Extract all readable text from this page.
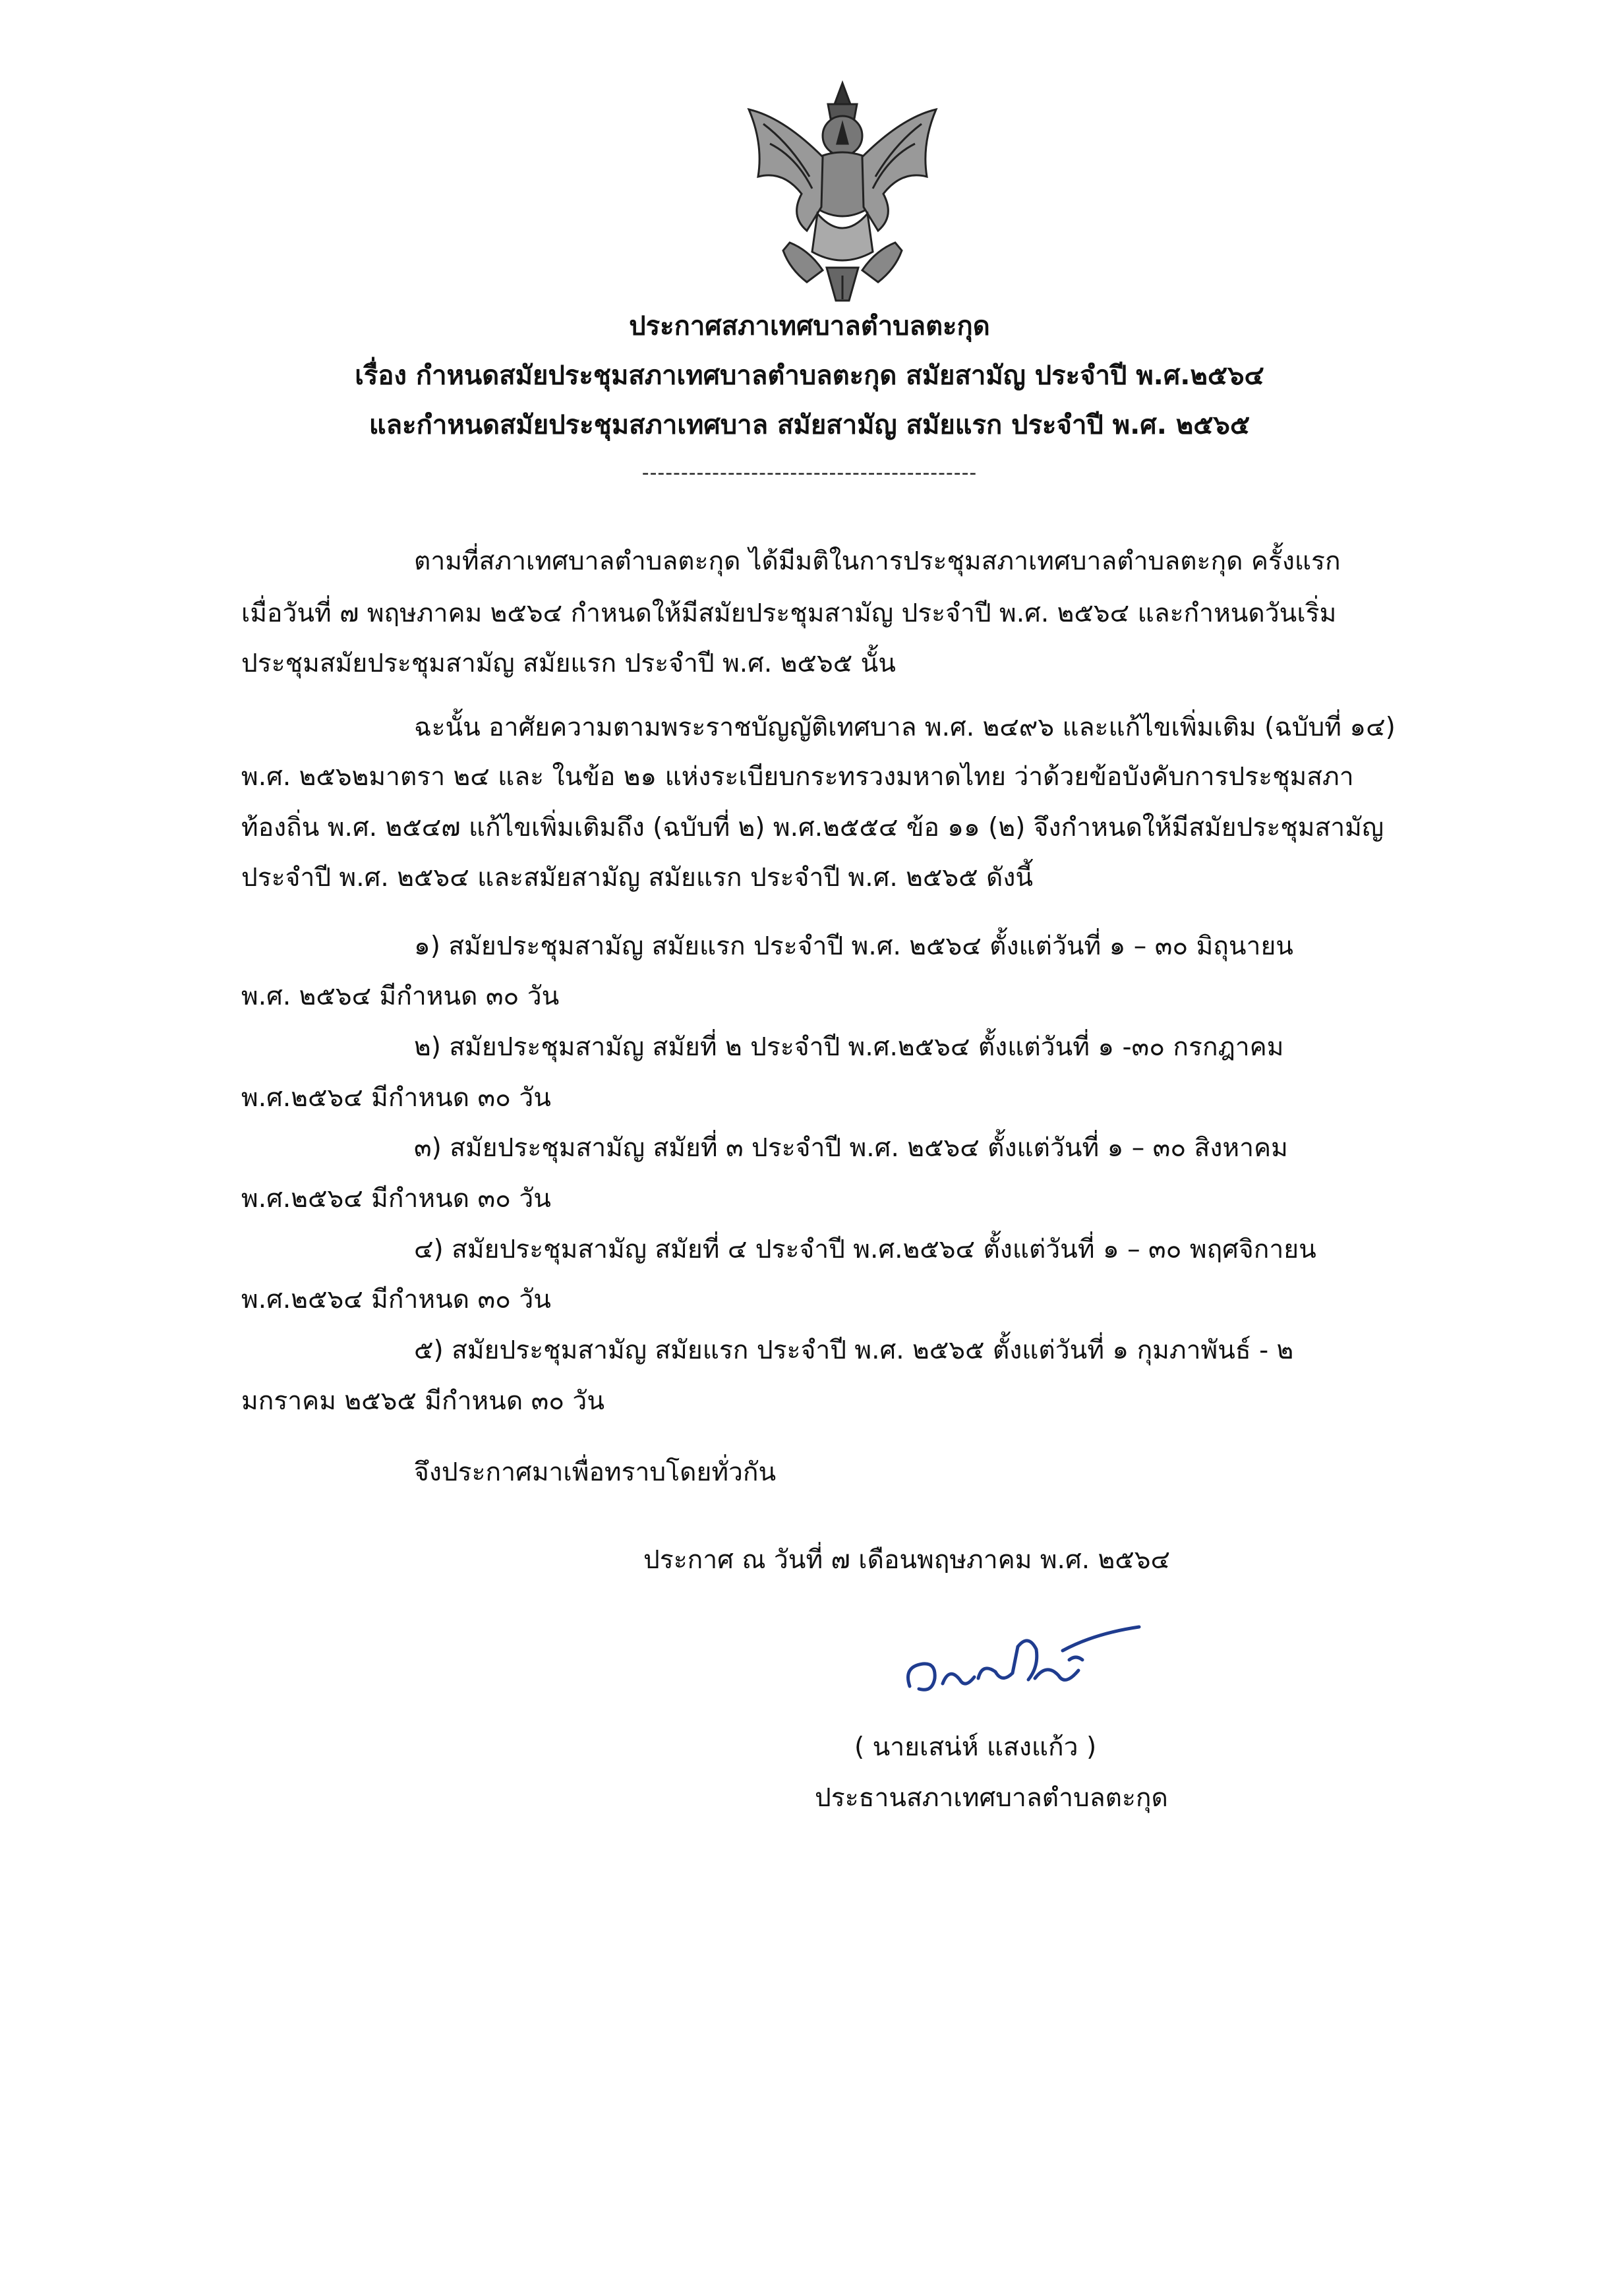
ประกาศสภาเทศบาลตำบลตะกุด
เรื่อง กำหนดสมัยประชุมสภาเทศบาลตำบลตะกุด สมัยสามัญ ประจำปี พ.ศ.๒๕๖๔
และกำหนดสมัยประชุมสภาเทศบาล สมัยสามัญ สมัยแรก ประจำปี พ.ศ. ๒๕๖๕
-------------------------------------------
ตามที่สภาเทศบาลตำบลตะกุด ได้มีมติในการประชุมสภาเทศบาลตำบลตะกุด ครั้งแรก
เมื่อวันที่ ๗ พฤษภาคม ๒๕๖๔ กำหนดให้มีสมัยประชุมสามัญ ประจำปี พ.ศ. ๒๕๖๔ และกำหนดวันเริ่ม
ประชุมสมัยประชุมสามัญ สมัยแรก ประจำปี พ.ศ. ๒๕๖๕ นั้น
ฉะนั้น อาศัยความตามพระราชบัญญัติเทศบาล พ.ศ. ๒๔๙๖ และแก้ไขเพิ่มเติม (ฉบับที่ ๑๔)
พ.ศ. ๒๕๖๒มาตรา ๒๔ และ ในข้อ ๒๑ แห่งระเบียบกระทรวงมหาดไทย ว่าด้วยข้อบังคับการประชุมสภา
ท้องถิ่น พ.ศ. ๒๕๔๗ แก้ไขเพิ่มเติมถึง (ฉบับที่ ๒) พ.ศ.๒๕๕๔ ข้อ ๑๑ (๒) จึงกำหนดให้มีสมัยประชุมสามัญ
ประจำปี พ.ศ. ๒๕๖๔ และสมัยสามัญ สมัยแรก ประจำปี พ.ศ. ๒๕๖๕ ดังนี้
๑) สมัยประชุมสามัญ สมัยแรก ประจำปี พ.ศ. ๒๕๖๔ ตั้งแต่วันที่ ๑ – ๓๐ มิถุนายน
พ.ศ. ๒๕๖๔ มีกำหนด ๓๐ วัน
๒) สมัยประชุมสามัญ สมัยที่ ๒ ประจำปี พ.ศ.๒๕๖๔ ตั้งแต่วันที่ ๑ -๓๐ กรกฎาคม
พ.ศ.๒๕๖๔ มีกำหนด ๓๐ วัน
๓) สมัยประชุมสามัญ สมัยที่ ๓ ประจำปี พ.ศ. ๒๕๖๔ ตั้งแต่วันที่ ๑ – ๓๐ สิงหาคม
พ.ศ.๒๕๖๔ มีกำหนด ๓๐ วัน
๔) สมัยประชุมสามัญ สมัยที่ ๔ ประจำปี พ.ศ.๒๕๖๔ ตั้งแต่วันที่ ๑ – ๓๐ พฤศจิกายน
พ.ศ.๒๕๖๔ มีกำหนด ๓๐ วัน
๕) สมัยประชุมสามัญ สมัยแรก ประจำปี พ.ศ. ๒๕๖๕ ตั้งแต่วันที่ ๑ กุมภาพันธ์ - ๒
มกราคม ๒๕๖๕ มีกำหนด ๓๐ วัน
จึงประกาศมาเพื่อทราบโดยทั่วกัน
ประกาศ ณ วันที่ ๗ เดือนพฤษภาคม พ.ศ. ๒๕๖๔
( นายเสน่ห์ แสงแก้ว )
ประธานสภาเทศบาลตำบลตะกุด
